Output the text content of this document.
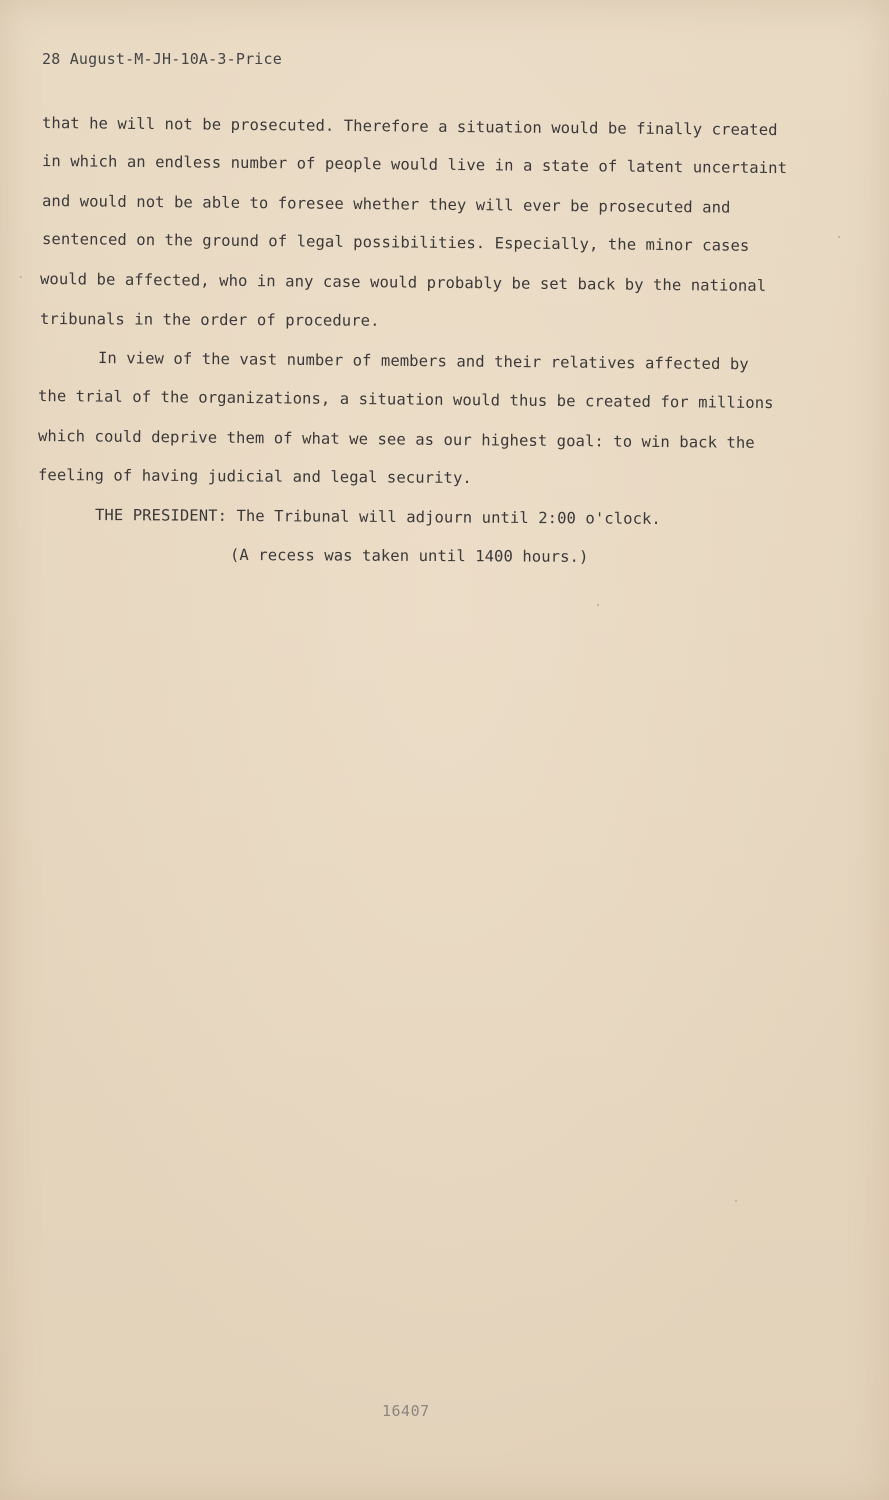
28 August-M-JH-10A-3-Price
that he will not be prosecuted. Therefore a situation would be finally created
in which an endless number of people would live in a state of latent uncertaint
and would not be able to foresee whether they will ever be prosecuted and
sentenced on the ground of legal possibilities. Especially, the minor cases
would be affected, who in any case would probably be set back by the national
tribunals in the order of procedure.
In view of the vast number of members and their relatives affected by
the trial of the organizations, a situation would thus be created for millions
which could deprive them of what we see as our highest goal: to win back the
feeling of having judicial and legal security.
THE PRESIDENT: The Tribunal will adjourn until 2:00 o'clock.
(A recess was taken until 1400 hours.)
16407
